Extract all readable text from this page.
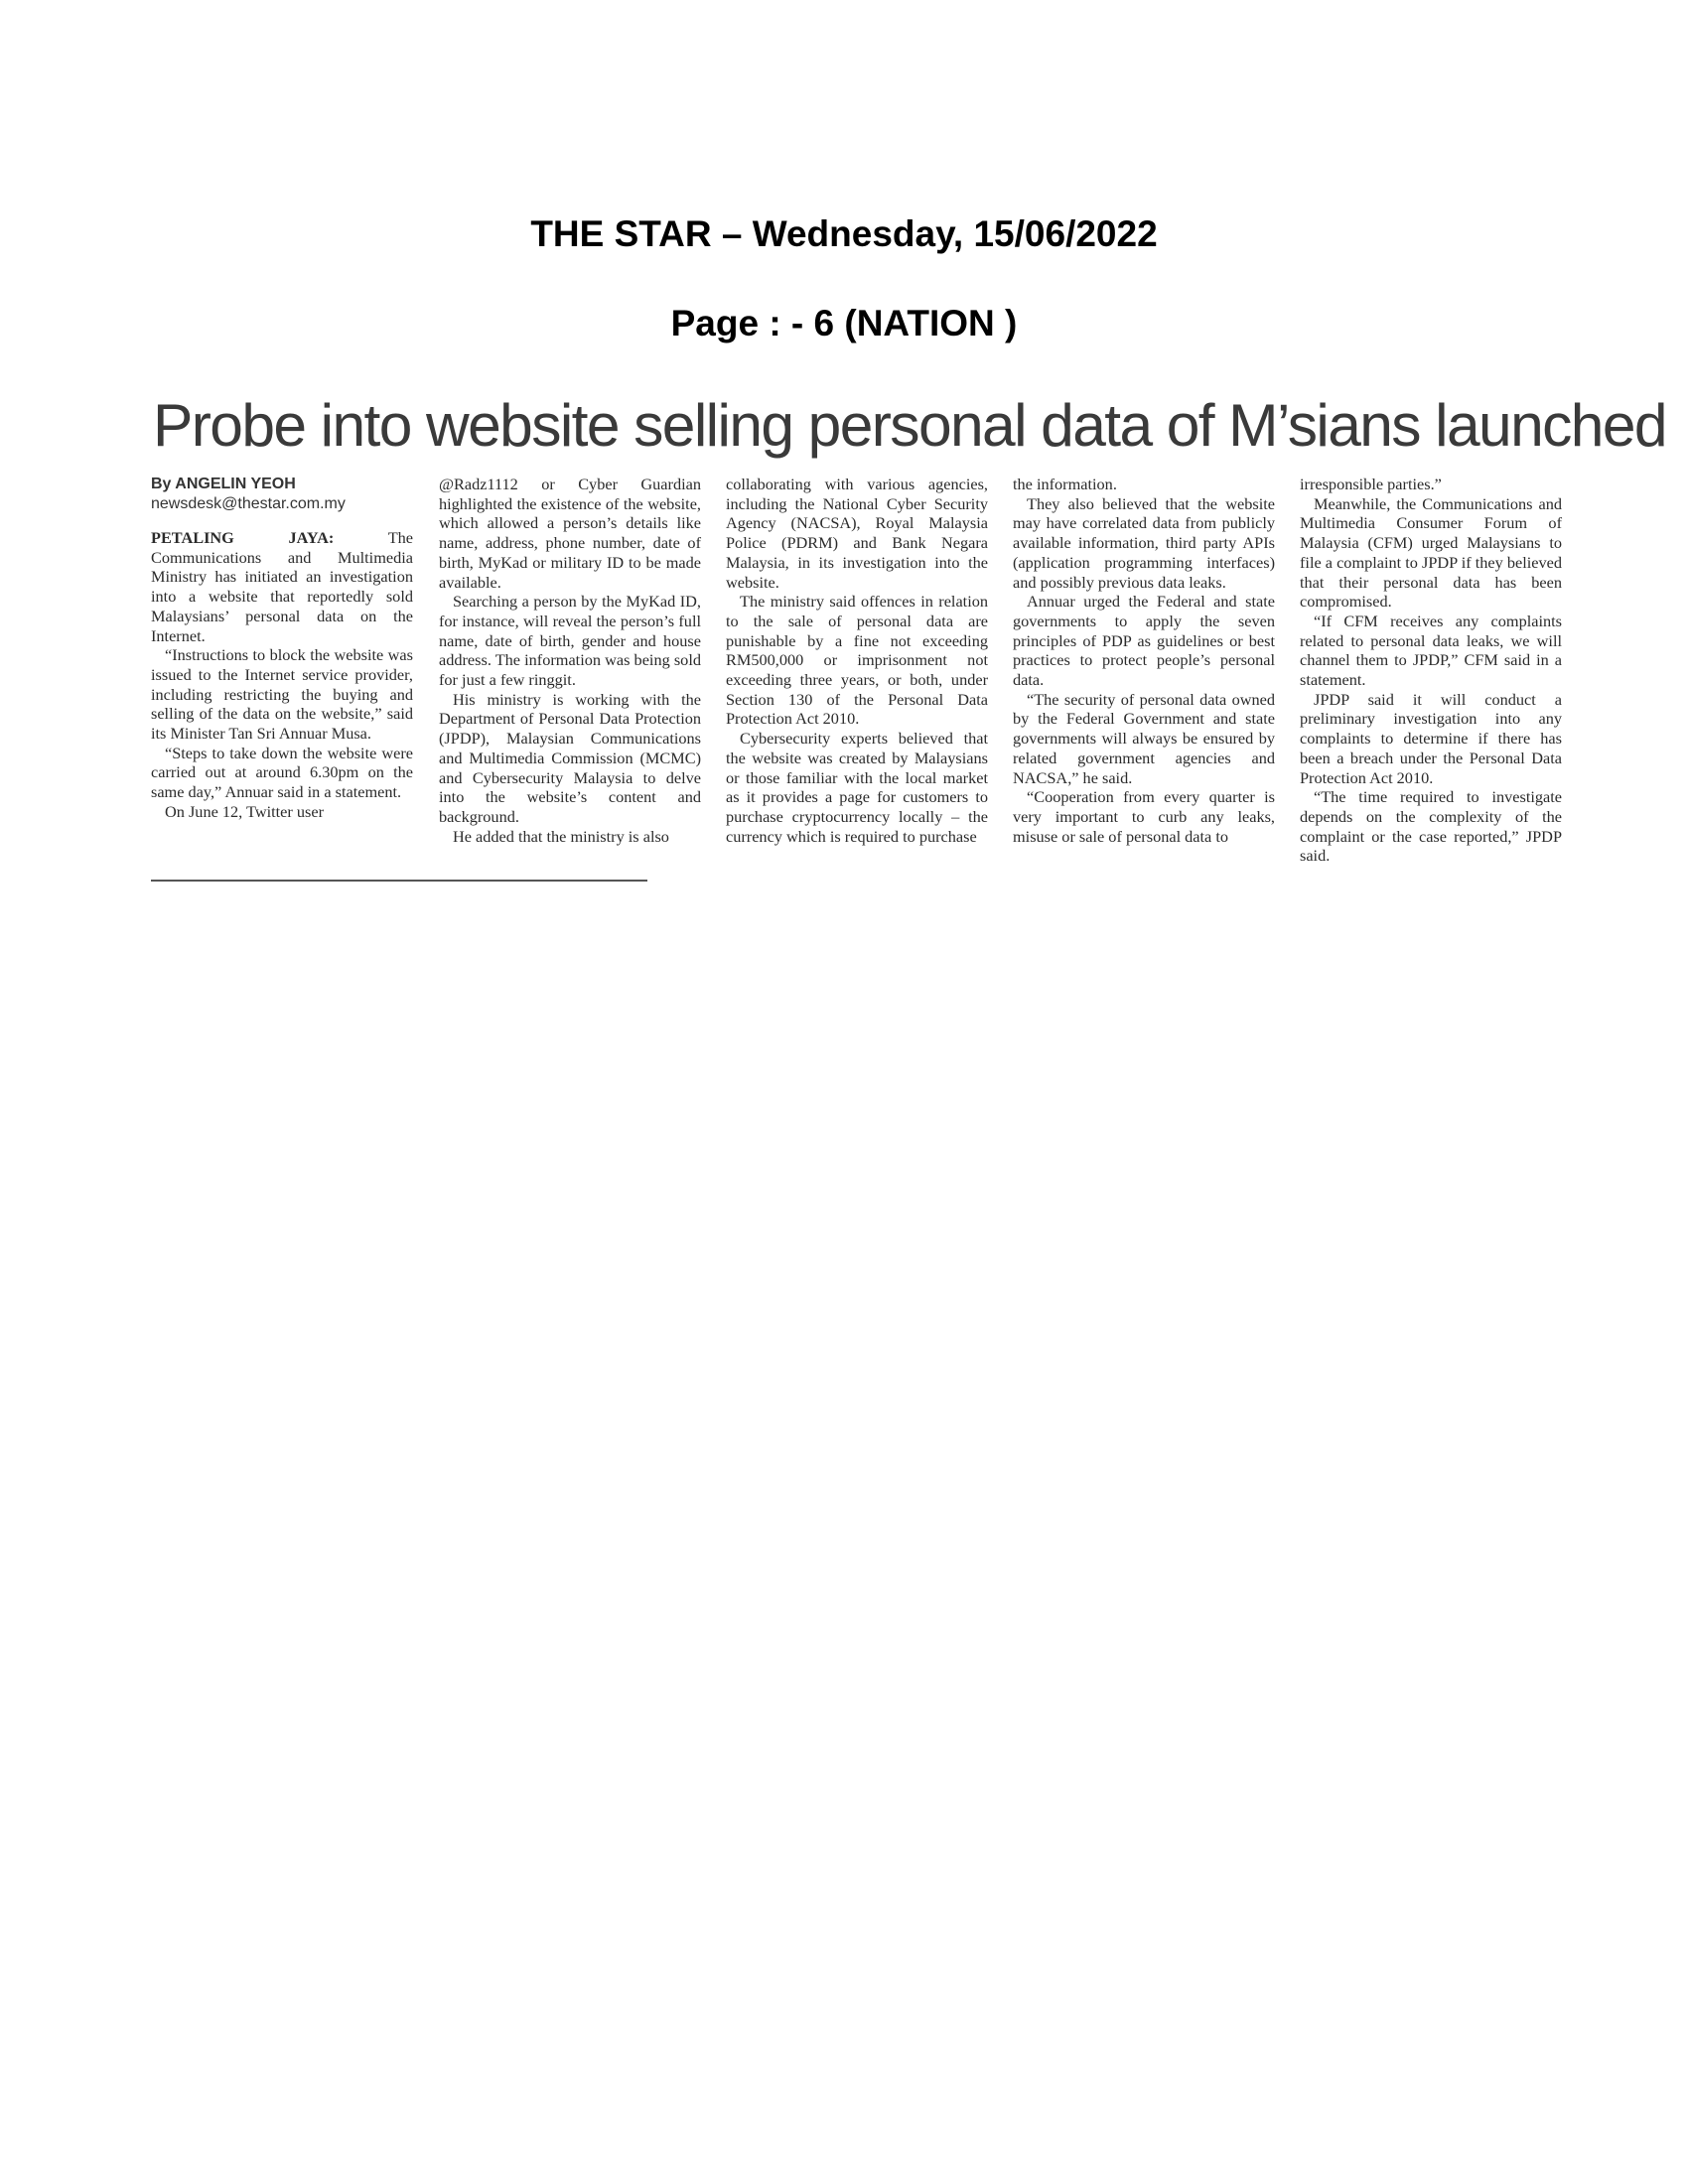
THE STAR – Wednesday, 15/06/2022
Page : - 6 (NATION )
Probe into website selling personal data of M’sians launched
By ANGELIN YEOH
newsdesk@thestar.com.my

PETALING JAYA:	The Communications and Multimedia Ministry has initiated an investigation into a website that reportedly sold Malaysians’ personal data on the Internet.

“Instructions to block the website was issued to the Internet service provider, including restricting the buying and selling of the data on the website,” said its Minister Tan Sri Annuar Musa.

“Steps to take down the website were carried out at around 6.30pm on the same day,” Annuar said in a statement.

On June 12, Twitter user

@Radz1112 or Cyber Guardian highlighted the existence of the website, which allowed a person’s details like name, address, phone number, date of birth, MyKad or military ID to be made available.

Searching a person by the MyKad ID, for instance, will reveal the person’s full name, date of birth, gender and house address. The information was being sold for just a few ringgit.

His ministry is working with the Department of Personal Data Protection (JPDP), Malaysian Communications and Multimedia Commission (MCMC) and Cybersecurity Malaysia to delve into the website’s content and background.

He added that the ministry is also

collaborating with various agencies, including the National Cyber Security Agency (NACSA), Royal Malaysia Police (PDRM) and Bank Negara Malaysia, in its investigation into the website.

The ministry said offences in relation to the sale of personal data are punishable by a fine not exceeding RM500,000 or imprisonment not exceeding three years, or both, under Section 130 of the Personal Data Protection Act 2010.

Cybersecurity experts believed that the website was created by Malaysians or those familiar with the local market as it provides a page for customers to purchase cryptocurrency locally – the currency which is required to purchase

the information.

They also believed that the website may have correlated data from publicly available information, third party APIs (application programming interfaces) and possibly previous data leaks.

Annuar urged the Federal and state governments to apply the seven principles of PDP as guidelines or best practices to protect people’s personal data.

“The security of personal data owned by the Federal Government and state governments will always be ensured by related government agencies and NACSA,” he said.

“Cooperation from every quarter is very important to curb any leaks, misuse or sale of personal data to

irresponsible parties.”

Meanwhile, the Communications and Multimedia Consumer Forum of Malaysia (CFM) urged Malaysians to file a complaint to JPDP if they believed that their personal data has been compromised.

“If CFM receives any complaints related to personal data leaks, we will channel them to JPDP,” CFM said in a statement.

JPDP said it will conduct a preliminary investigation into any complaints to determine if there has been a breach under the Personal Data Protection Act 2010.

“The time required to investigate depends on the complexity of the complaint or the case reported,” JPDP said.
